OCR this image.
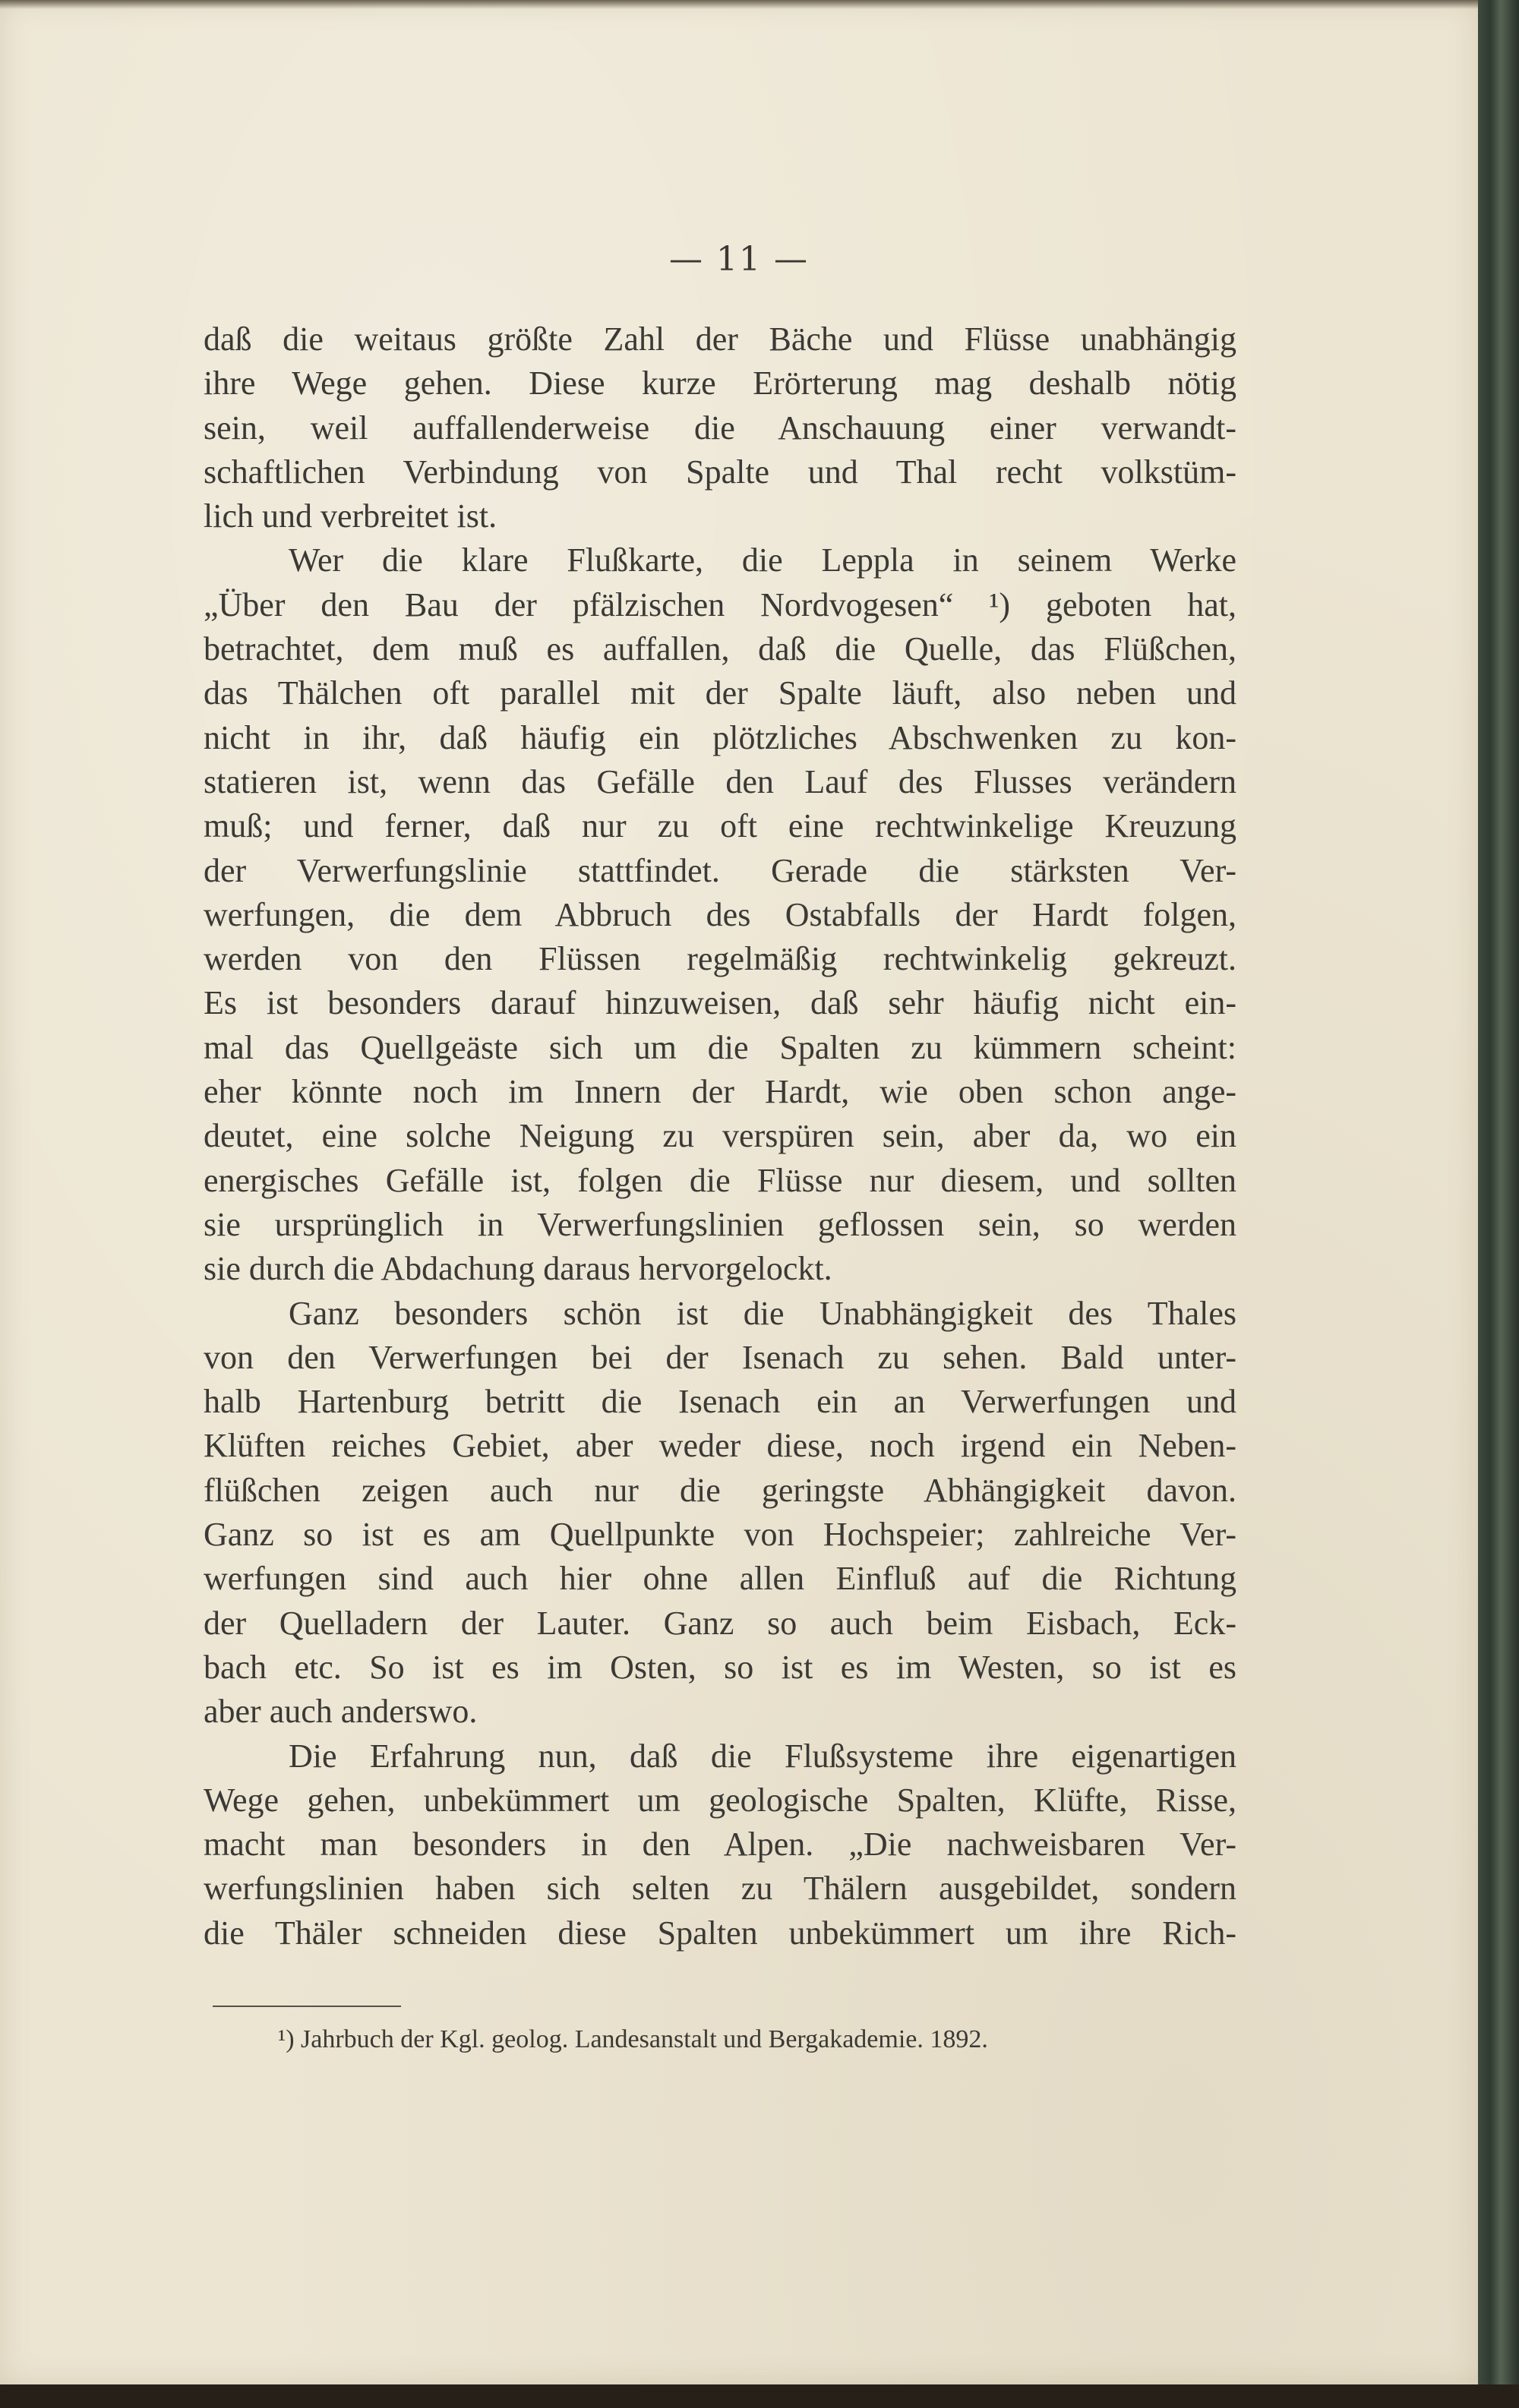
— 11 —
daß die weitaus größte Zahl der Bäche und Flüsse unabhängig
ihre Wege gehen. Diese kurze Erörterung mag deshalb nötig
sein, weil auffallenderweise die Anschauung einer verwandt-
schaftlichen Verbindung von Spalte und Thal recht volkstüm-
lich und verbreitet ist.
Wer die klare Flußkarte, die Leppla in seinem Werke
„Über den Bau der pfälzischen Nordvogesen“ ¹) geboten hat,
betrachtet, dem muß es auffallen, daß die Quelle, das Flüßchen,
das Thälchen oft parallel mit der Spalte läuft, also neben und
nicht in ihr, daß häufig ein plötzliches Abschwenken zu kon-
statieren ist, wenn das Gefälle den Lauf des Flusses verändern
muß; und ferner, daß nur zu oft eine rechtwinkelige Kreuzung
der Verwerfungslinie stattfindet. Gerade die stärksten Ver-
werfungen, die dem Abbruch des Ostabfalls der Hardt folgen,
werden von den Flüssen regelmäßig rechtwinkelig gekreuzt.
Es ist besonders darauf hinzuweisen, daß sehr häufig nicht ein-
mal das Quellgeäste sich um die Spalten zu kümmern scheint:
eher könnte noch im Innern der Hardt, wie oben schon ange-
deutet, eine solche Neigung zu verspüren sein, aber da, wo ein
energisches Gefälle ist, folgen die Flüsse nur diesem, und sollten
sie ursprünglich in Verwerfungslinien geflossen sein, so werden
sie durch die Abdachung daraus hervorgelockt.
Ganz besonders schön ist die Unabhängigkeit des Thales
von den Verwerfungen bei der Isenach zu sehen. Bald unter-
halb Hartenburg betritt die Isenach ein an Verwerfungen und
Klüften reiches Gebiet, aber weder diese, noch irgend ein Neben-
flüßchen zeigen auch nur die geringste Abhängigkeit davon.
Ganz so ist es am Quellpunkte von Hochspeier; zahlreiche Ver-
werfungen sind auch hier ohne allen Einfluß auf die Richtung
der Quelladern der Lauter. Ganz so auch beim Eisbach, Eck-
bach etc. So ist es im Osten, so ist es im Westen, so ist es
aber auch anderswo.
Die Erfahrung nun, daß die Flußsysteme ihre eigenartigen
Wege gehen, unbekümmert um geologische Spalten, Klüfte, Risse,
macht man besonders in den Alpen. „Die nachweisbaren Ver-
werfungslinien haben sich selten zu Thälern ausgebildet, sondern
die Thäler schneiden diese Spalten unbekümmert um ihre Rich-
¹) Jahrbuch der Kgl. geolog. Landesanstalt und Bergakademie. 1892.
